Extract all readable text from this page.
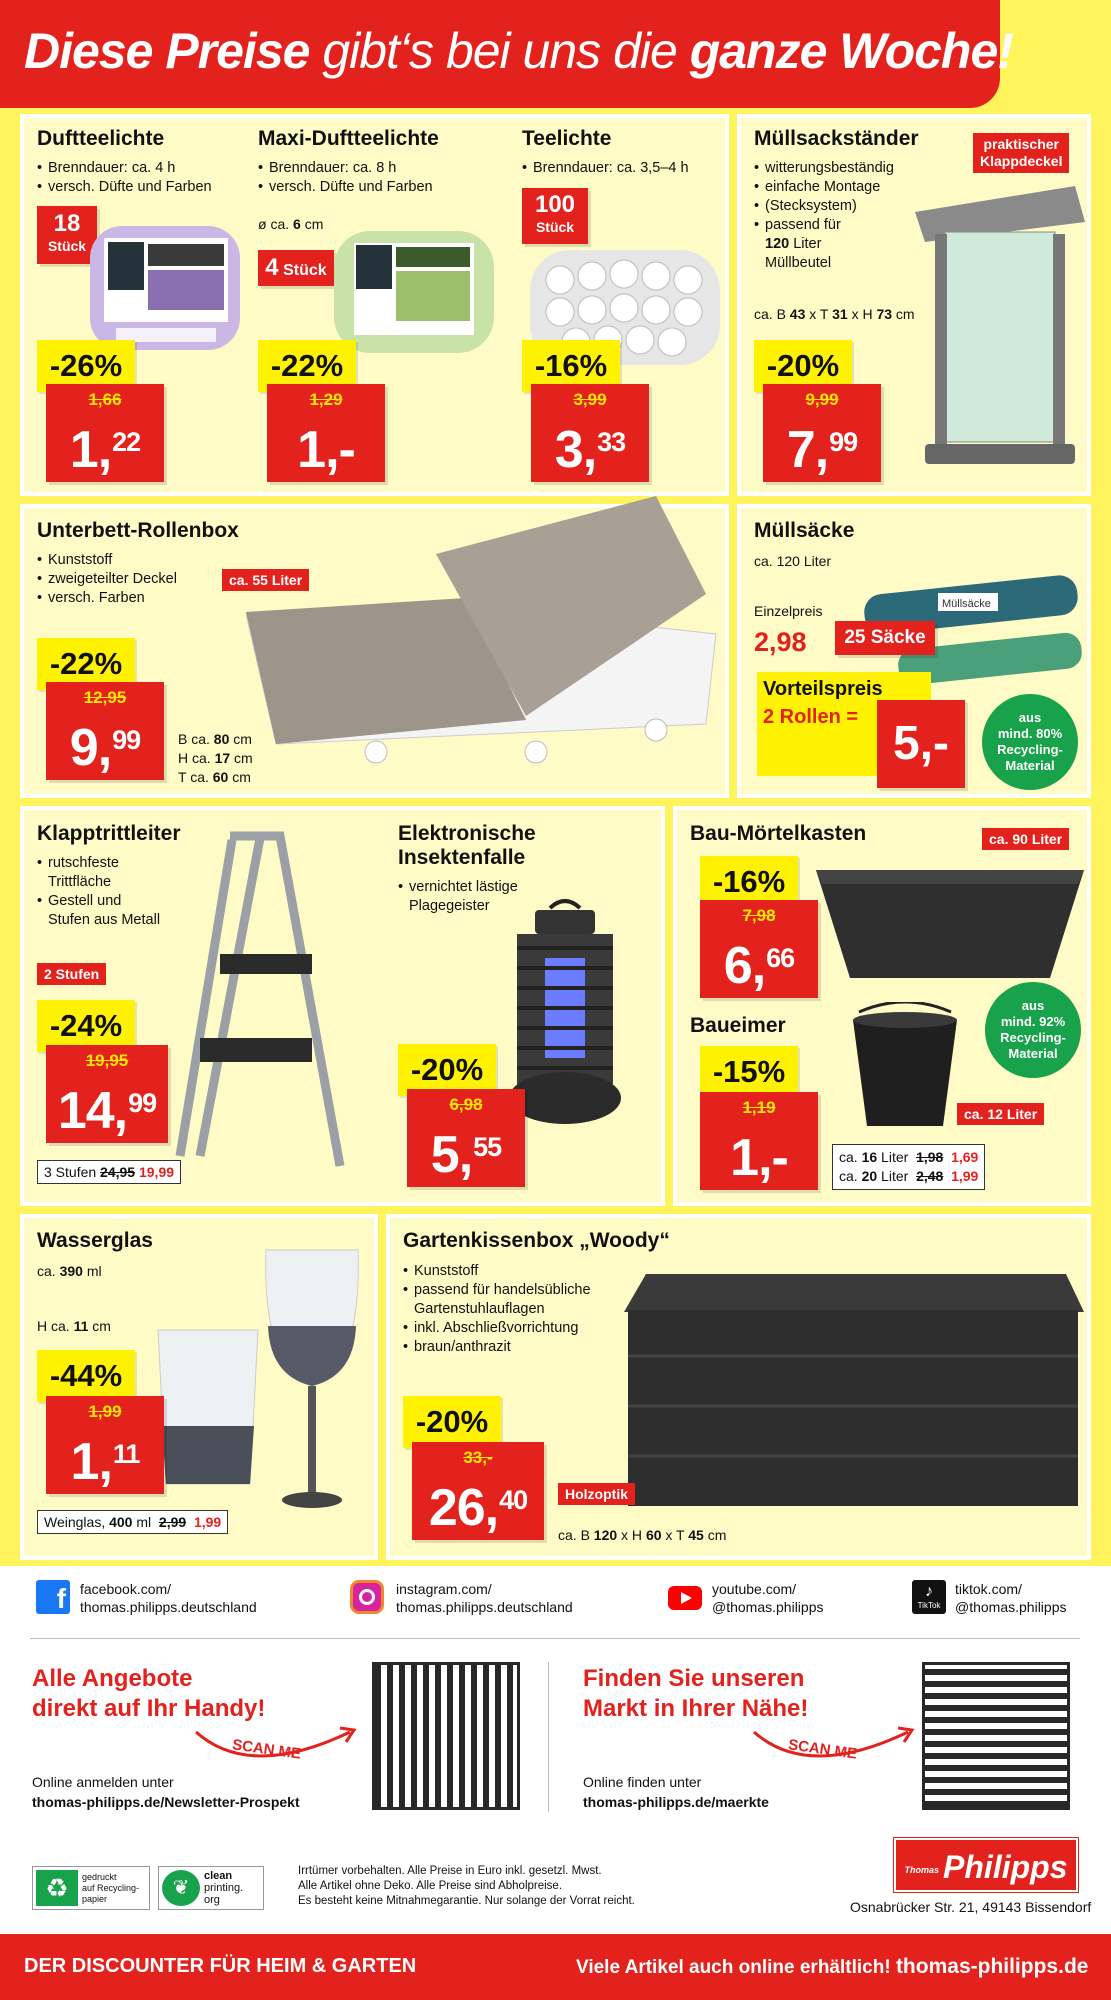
Diese Preise gibt‘s bei uns die ganze Woche!
Duftteelichte
• Brenndauer: ca. 4 h
• versch. Düfte und Farben
18
Stück
-26%
1,66
1,22
Maxi-Duftteelichte
• Brenndauer: ca. 8 h
• versch. Düfte und Farben
ø ca. 6 cm
4 Stück
-22%
1,29
1,-
Teelichte
• Brenndauer: ca. 3,5–4 h
100
Stück
-16%
3,99
3,33
Müllsackständer	praktischer
Klappdeckel
• witterungsbeständig
• einfache Montage
(Stecksystem)
• passend für
120 Liter
Müllbeutel
ca. B 43 x T 31 x H 73 cm
-20%
9,99
7,99
Unterbett-Rollenbox
• Kunststoff
• zweigeteilter Deckel
• versch. Farben
ca. 55 Liter
-22%
12,95
9,99	B ca. 80 cm
H ca. 17 cm
T ca. 60 cm
Müllsäcke
ca. 120 Liter
Müllsäcke
Einzelpreis
2,98	25 Säcke
Vorteilspreis
2 Rollen = 5,-	aus
mind. 80%
Recycling-
Material
Klapptrittleiter
• rutschfeste
Trittfläche
• Gestell und
Stufen aus Metall
2 Stufen
-24%
19,95
14,99
3 Stufen 24,95 19,99
Elektronische
Insektenfalle
• vernichtet lästige
Plagegeister
-20%
6,98
5,55
Bau-Mörtelkasten	ca. 90 Liter
-16%
7,98
6,66
aus
mind. 92%
Recycling-
Material
Baueimer
-15%
1,19
1,-
ca. 12 Liter
ca. 16 Liter 1,98 1,69
ca. 20 Liter 2,48 1,99
Wasserglas
ca. 390 ml
H ca. 11 cm
-44%
1,99
1,11
Weinglas, 400 ml 2,99 1,99
Gartenkissenbox „Woody“
• Kunststoff
• passend für handelsübliche
Gartenstuhlauflagen
• inkl. Abschließvorrichtung
• braun/anthrazit
-20%
33,-
26,40	Holzoptik
ca. B 120 x H 60 x T 45 cm
f facebook.com/
thomas.philipps.deutschland
instagram.com/
thomas.philipps.deutschland
youtube.com/
@thomas.philipps
♪
TikTok
tiktok.com/
@thomas.philipps
Alle Angebote
direkt auf Ihr Handy!
SCAN ME
Online anmelden unter
thomas-philipps.de/Newsletter-Prospekt
Finden Sie unseren
Markt in Ihrer Nähe!
SCAN ME
Online finden unter
thomas-philipps.de/maerkte
♻	gedruckt
auf Recycling-
papier	❦
clean
printing.
org
Irrtümer vorbehalten. Alle Preise in Euro inkl. gesetzl. Mwst.
Alle Artikel ohne Deko. Alle Preise sind Abholpreise.
Es besteht keine Mitnahmegarantie. Nur solange der Vorrat reicht.
Thomas Philipps
Osnabrücker Str. 21, 49143 Bissendorf
DER DISCOUNTER FÜR HEIM & GARTEN	Viele Artikel auch online erhältlich! thomas-philipps.de
